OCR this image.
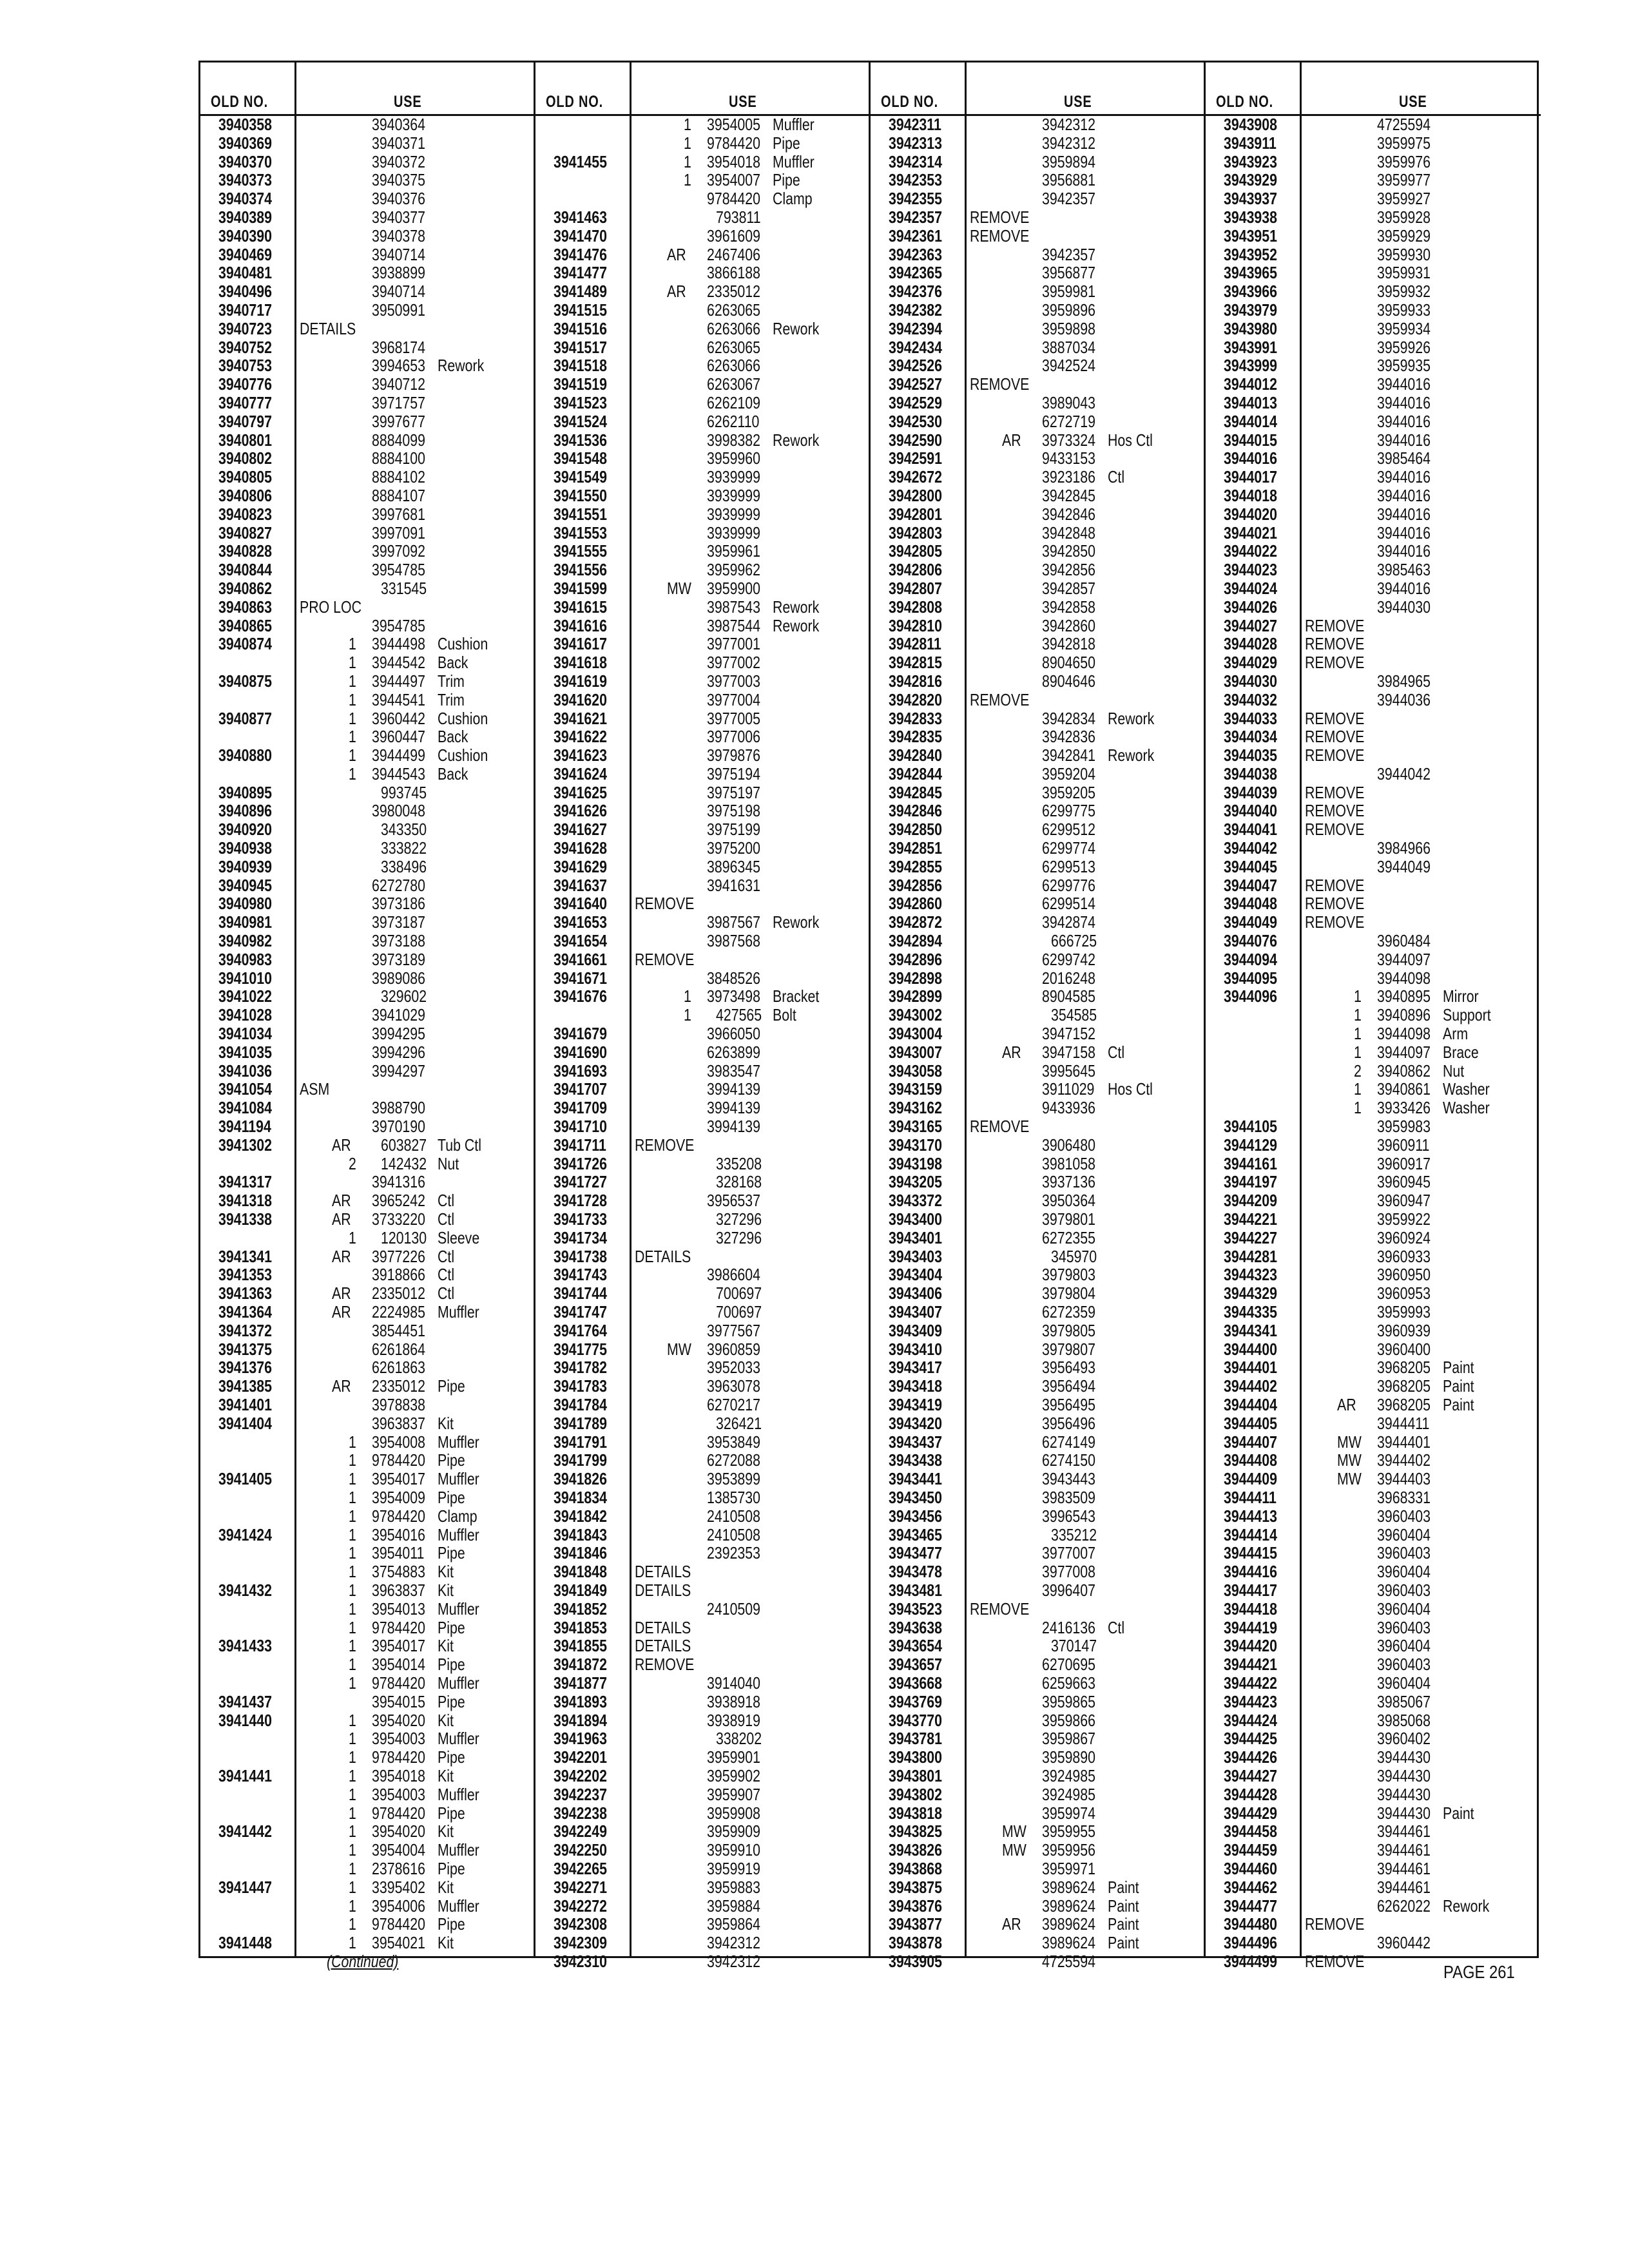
OLD NO.	USE
3940358	3940364
3940369	3940371
3940370	3940372
3940373	3940375
3940374	3940376
3940389	3940377
3940390	3940378
3940469	3940714
3940481	3938899
3940496	3940714
3940717	3950991
3940723 DETAILS
3940752	3968174
3940753	3994653 Rework
3940776	3940712
3940777	3971757
3940797	3997677
3940801	8884099
3940802	8884100
3940805	8884102
3940806	8884107
3940823	3997681
3940827	3997091
3940828	3997092
3940844	3954785
3940862	331545
3940863 PRO LOC
3940865	3954785
3940874	1 3944498 Cushion
1 3944542 Back
3940875	1 3944497 Trim
1 3944541 Trim
3940877	1 3960442 Cushion
1 3960447 Back
3940880	1 3944499 Cushion
1 3944543 Back
3940895	993745
3940896	3980048
3940920	343350
3940938	333822
3940939	338496
3940945	6272780
3940980	3973186
3940981	3973187
3940982	3973188
3940983	3973189
3941010	3989086
3941022	329602
3941028	3941029
3941034	3994295
3941035	3994296
3941036	3994297
3941054 ASM
3941084	3988790
3941194	3970190
3941302	AR 603827 Tub Ctl
2 142432 Nut
3941317	3941316
3941318	AR 3965242 Ctl
3941338	AR 3733220 Ctl
1 120130 Sleeve
3941341	AR 3977226 Ctl
3941353	3918866 Ctl
3941363	AR 2335012 Ctl
3941364	AR 2224985 Muffler
3941372	3854451
3941375	6261864
3941376	6261863
3941385	AR 2335012 Pipe
3941401	3978838
3941404	3963837 Kit
1 3954008 Muffler
1 9784420 Pipe
3941405	1 3954017 Muffler
1 3954009 Pipe
1 9784420 Clamp
3941424	1 3954016 Muffler
1 3954011 Pipe
1 3754883 Kit
3941432	1 3963837 Kit
1 3954013 Muffler
1 9784420 Pipe
3941433	1 3954017 Kit
1 3954014 Pipe
1 9784420 Muffler
3941437	3954015 Pipe
3941440	1 3954020 Kit
1 3954003 Muffler
1 9784420 Pipe
3941441	1 3954018 Kit
1 3954003 Muffler
1 9784420 Pipe
3941442	1 3954020 Kit
1 3954004 Muffler
1 2378616 Pipe
3941447	1 3395402 Kit
1 3954006 Muffler
1 9784420 Pipe
3941448	1 3954021 Kit
(Continued)
OLD NO.	USE
1 3954005 Muffler
1 9784420 Pipe
3941455	1 3954018 Muffler
1 3954007 Pipe
9784420 Clamp
3941463	793811
3941470	3961609
3941476	AR 2467406
3941477	3866188
3941489	AR 2335012
3941515	6263065
3941516	6263066 Rework
3941517	6263065
3941518	6263066
3941519	6263067
3941523	6262109
3941524	6262110
3941536	3998382 Rework
3941548	3959960
3941549	3939999
3941550	3939999
3941551	3939999
3941553	3939999
3941555	3959961
3941556	3959962
3941599	MW 3959900
3941615	3987543 Rework
3941616	3987544 Rework
3941617	3977001
3941618	3977002
3941619	3977003
3941620	3977004
3941621	3977005
3941622	3977006
3941623	3979876
3941624	3975194
3941625	3975197
3941626	3975198
3941627	3975199
3941628	3975200
3941629	3896345
3941637	3941631
3941640 REMOVE
3941653	3987567 Rework
3941654	3987568
3941661 REMOVE
3941671	3848526
3941676	1 3973498 Bracket
1 427565 Bolt
3941679	3966050
3941690	6263899
3941693	3983547
3941707	3994139
3941709	3994139
3941710	3994139
3941711 REMOVE
3941726	335208
3941727	328168
3941728	3956537
3941733	327296
3941734	327296
3941738 DETAILS
3941743	3986604
3941744	700697
3941747	700697
3941764	3977567
3941775	MW 3960859
3941782	3952033
3941783	3963078
3941784	6270217
3941789	326421
3941791	3953849
3941799	6272088
3941826	3953899
3941834	1385730
3941842	2410508
3941843	2410508
3941846	2392353
3941848 DETAILS
3941849 DETAILS
3941852	2410509
3941853 DETAILS
3941855 DETAILS
3941872 REMOVE
3941877	3914040
3941893	3938918
3941894	3938919
3941963	338202
3942201	3959901
3942202	3959902
3942237	3959907
3942238	3959908
3942249	3959909
3942250	3959910
3942265	3959919
3942271	3959883
3942272	3959884
3942308	3959864
3942309	3942312
3942310	3942312
OLD NO.	USE
3942311	3942312
3942313	3942312
3942314	3959894
3942353	3956881
3942355	3942357
3942357 REMOVE
3942361 REMOVE
3942363	3942357
3942365	3956877
3942376	3959981
3942382	3959896
3942394	3959898
3942434	3887034
3942526	3942524
3942527 REMOVE
3942529	3989043
3942530	6272719
3942590	AR 3973324 Hos Ctl
3942591	9433153
3942672	3923186 Ctl
3942800	3942845
3942801	3942846
3942803	3942848
3942805	3942850
3942806	3942856
3942807	3942857
3942808	3942858
3942810	3942860
3942811	3942818
3942815	8904650
3942816	8904646
3942820 REMOVE
3942833	3942834 Rework
3942835	3942836
3942840	3942841 Rework
3942844	3959204
3942845	3959205
3942846	6299775
3942850	6299512
3942851	6299774
3942855	6299513
3942856	6299776
3942860	6299514
3942872	3942874
3942894	666725
3942896	6299742
3942898	2016248
3942899	8904585
3943002	354585
3943004	3947152
3943007	AR 3947158 Ctl
3943058	3995645
3943159	3911029 Hos Ctl
3943162	9433936
3943165 REMOVE
3943170	3906480
3943198	3981058
3943205	3937136
3943372	3950364
3943400	3979801
3943401	6272355
3943403	345970
3943404	3979803
3943406	3979804
3943407	6272359
3943409	3979805
3943410	3979807
3943417	3956493
3943418	3956494
3943419	3956495
3943420	3956496
3943437	6274149
3943438	6274150
3943441	3943443
3943450	3983509
3943456	3996543
3943465	335212
3943477	3977007
3943478	3977008
3943481	3996407
3943523 REMOVE
3943638	2416136 Ctl
3943654	370147
3943657	6270695
3943668	6259663
3943769	3959865
3943770	3959866
3943781	3959867
3943800	3959890
3943801	3924985
3943802	3924985
3943818	3959974
3943825	MW 3959955
3943826	MW 3959956
3943868	3959971
3943875	3989624 Paint
3943876	3989624 Paint
3943877	AR 3989624 Paint
3943878	3989624 Paint
3943905	4725594
OLD NO.	USE
3943908	4725594
3943911	3959975
3943923	3959976
3943929	3959977
3943937	3959927
3943938	3959928
3943951	3959929
3943952	3959930
3943965	3959931
3943966	3959932
3943979	3959933
3943980	3959934
3943991	3959926
3943999	3959935
3944012	3944016
3944013	3944016
3944014	3944016
3944015	3944016
3944016	3985464
3944017	3944016
3944018	3944016
3944020	3944016
3944021	3944016
3944022	3944016
3944023	3985463
3944024	3944016
3944026	3944030
3944027 REMOVE
3944028 REMOVE
3944029 REMOVE
3944030	3984965
3944032	3944036
3944033 REMOVE
3944034 REMOVE
3944035 REMOVE
3944038	3944042
3944039 REMOVE
3944040 REMOVE
3944041 REMOVE
3944042	3984966
3944045	3944049
3944047 REMOVE
3944048 REMOVE
3944049 REMOVE
3944076	3960484
3944094	3944097
3944095	3944098
3944096	1 3940895 Mirror
1 3940896 Support
1 3944098 Arm
1 3944097 Brace
2 3940862 Nut
1 3940861 Washer
1 3933426 Washer
3944105	3959983
3944129	3960911
3944161	3960917
3944197	3960945
3944209	3960947
3944221	3959922
3944227	3960924
3944281	3960933
3944323	3960950
3944329	3960953
3944335	3959993
3944341	3960939
3944400	3960400
3944401	3968205 Paint
3944402	3968205 Paint
3944404	AR 3968205 Paint
3944405	3944411
3944407	MW 3944401
3944408	MW 3944402
3944409	MW 3944403
3944411	3968331
3944413	3960403
3944414	3960404
3944415	3960403
3944416	3960404
3944417	3960403
3944418	3960404
3944419	3960403
3944420	3960404
3944421	3960403
3944422	3960404
3944423	3985067
3944424	3985068
3944425	3960402
3944426	3944430
3944427	3944430
3944428	3944430
3944429	3944430 Paint
3944458	3944461
3944459	3944461
3944460	3944461
3944462	3944461
3944477	6262022 Rework
3944480 REMOVE
3944496	3960442
3944499 REMOVE
PAGE 261
